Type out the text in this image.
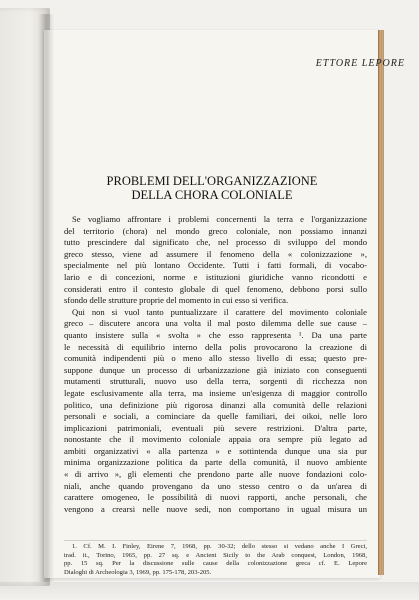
ETTORE LEPORE
PROBLEMI DELL'ORGANIZZAZIONE
DELLA CHORA COLONIALE
Se vogliamo affrontare i problemi concernenti la terra e l'organizzazione
del territorio (chora) nel mondo greco coloniale, non possiamo innanzi
tutto prescindere dal significato che, nel processo di sviluppo del mondo
greco stesso, viene ad assumere il fenomeno della « colonizzazione »,
specialmente nel più lontano Occidente. Tutti i fatti formali, di vocabo-
lario e di concezioni, norme e istituzioni giuridiche vanno ricondotti e
considerati entro il contesto globale di quel fenomeno, debbono porsi sullo
sfondo delle strutture proprie del momento in cui esso si verifica.
Qui non si vuol tanto puntualizzare il carattere del movimento coloniale
greco – discutere ancora una volta il mal posto dilemma delle sue cause –
quanto insistere sulla « svolta » che esso rappresenta ¹. Da una parte
le necessità di equilibrio interno della polis provocarono la creazione di
comunità indipendenti più o meno allo stesso livello di essa; questo pre-
suppone dunque un processo di urbanizzazione già iniziato con conseguenti
mutamenti strutturali, nuovo uso della terra, sorgenti di ricchezza non
legate esclusivamente alla terra, ma insieme un'esigenza di maggior controllo
politico, una definizione più rigorosa dinanzi alla comunità delle relazioni
personali e sociali, a cominciare da quelle familiari, dei oikoi, nelle loro
implicazioni patrimoniali, eventuali più severe restrizioni. D'altra parte,
nonostante che il movimento coloniale appaia ora sempre più legato ad
ambiti organizzativi « alla partenza » e sottintenda dunque una sia pur
minima organizzazione politica da parte della comunità, il nuovo ambiente
« di arrivo », gli elementi che prendono parte alle nuove fondazioni colo-
niali, anche quando provengano da uno stesso centro o da un'area di
carattere omogeneo, le possibilità di nuovi rapporti, anche personali, che
vengono a crearsi nelle nuove sedi, non comportano in ugual misura un
1. Cf. M. I. Finley, Eirene 7, 1968, pp. 30-32; dello stesso si vedano anche I Greci,
trad. it., Torino, 1965, pp. 27 sq. e Ancient Sicily to the Arab conquest, London, 1968,
pp. 15 sq. Per la discussione sulle cause della colonizzazione greca cf. E. Lepore
Dialoghi di Archeologia 3, 1969, pp. 175-178, 203-205.
